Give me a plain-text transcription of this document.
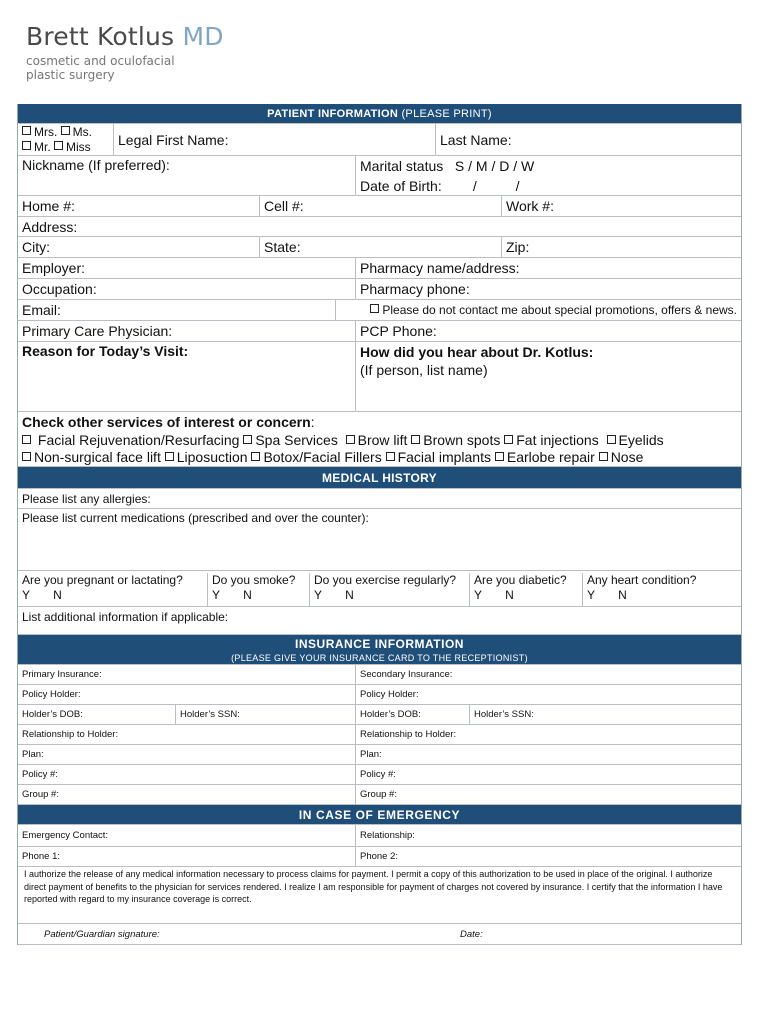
Brett Kotlus MD
cosmetic and oculofacial
plastic surgery
PATIENT INFORMATION (PLEASE PRINT)
Mrs. Ms.
Mr. Miss	Legal First Name:	Last Name:
Nickname (If preferred):	Marital status   S / M / D / W
Date of Birth:        /          /
Home #:	Cell #:	Work #:
Address:
City:	State:	Zip:
Employer:	Pharmacy name/address:
Occupation:	Pharmacy phone:
Email:	Please do not contact me about special promotions, offers & news.
Primary Care Physician:	PCP Phone:
Reason for Today’s Visit:	How did you hear about Dr. Kotlus:
(If person, list name)
Check other services of interest or concern:
Facial Rejuvenation/Resurfacing Spa Services Brow lift Brown spots Fat injections Eyelids
Non-surgical face lift Liposuction Botox/Facial Fillers Facial implants Earlobe repair Nose
MEDICAL HISTORY
Please list any allergies:
Please list current medications (prescribed and over the counter):
Are you pregnant or lactating?
Y       N
Do you smoke?
Y       N
Do you exercise regularly?
Y       N
Are you diabetic?
Y       N
Any heart condition?
Y       N
List additional information if applicable:
INSURANCE INFORMATION
(PLEASE GIVE YOUR INSURANCE CARD TO THE RECEPTIONIST)
Primary Insurance:	Secondary Insurance:
Policy Holder:	Policy Holder:
Holder’s DOB:	Holder’s SSN:	Holder’s DOB:	Holder’s SSN:
Relationship to Holder:	Relationship to Holder:
Plan:	Plan:
Policy #:	Policy #:
Group #:	Group #:
IN CASE OF EMERGENCY
Emergency Contact:	Relationship:
Phone 1:	Phone 2:
I authorize the release of any medical information necessary to process claims for payment. I permit a copy of this authorization to be used in place of the original. I authorize direct payment of benefits to the physician for services rendered. I realize I am responsible for payment of charges not covered by insurance. I certify that the information I have reported with regard to my insurance coverage is correct.
Patient/Guardian signature:	Date:
